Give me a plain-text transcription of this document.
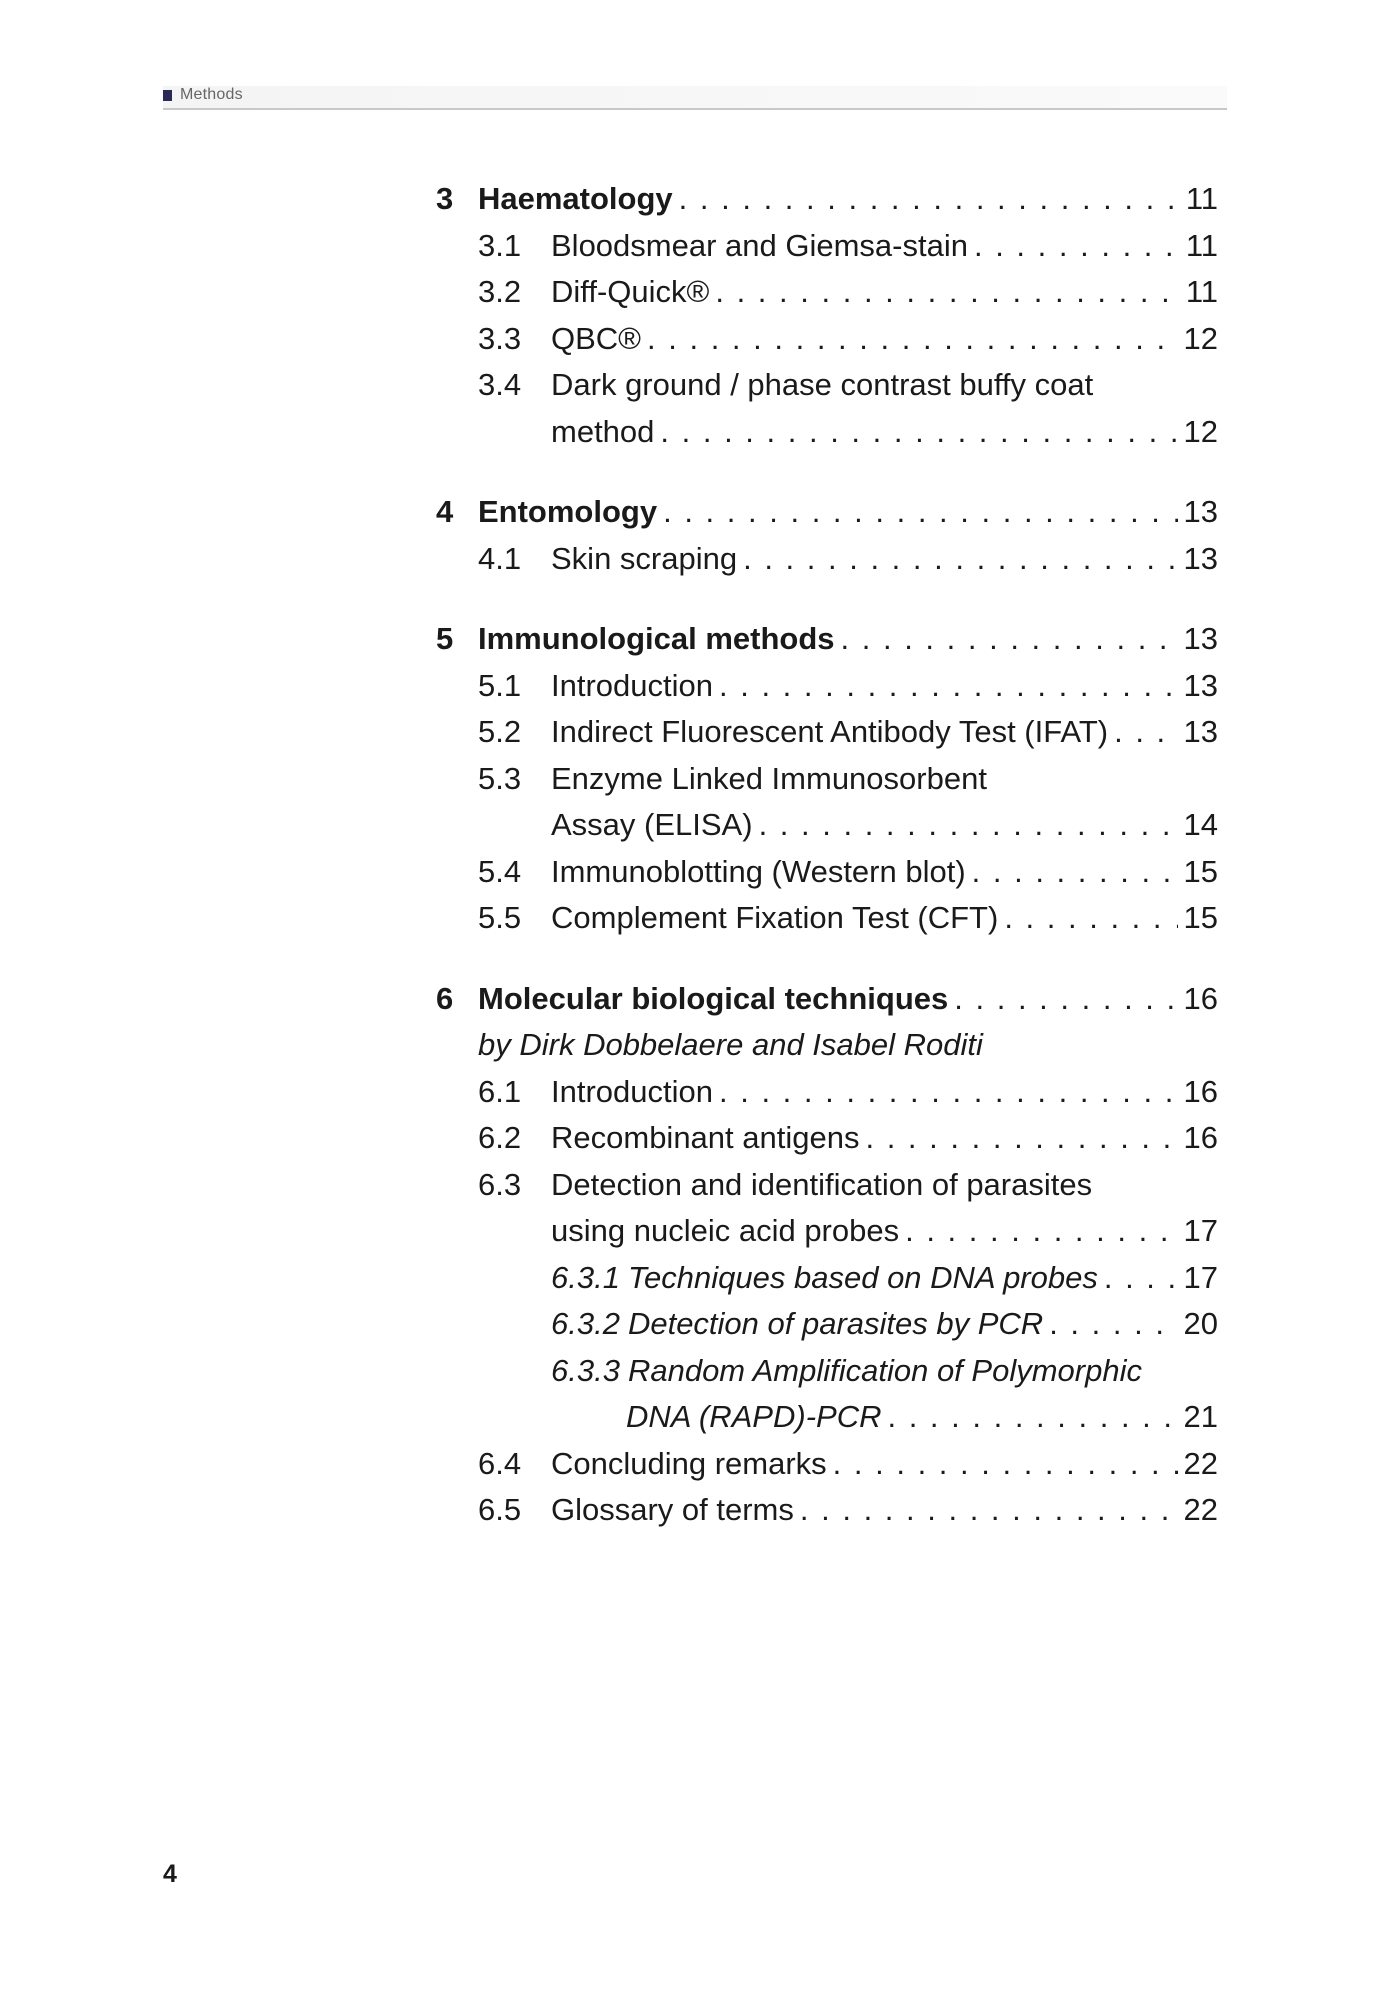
Methods
3 Haematology . . .	11
3.1 Bloodsmear and Giemsa-stain . . .	11
3.2 Diff-Quick® . . .	11
3.3 QBC® . . .	12
3.4 Dark ground / phase contrast buffy coat
method . . .	12
4 Entomology . . .	13
4.1 Skin scraping . . .	13
5 Immunological methods . . .	13
5.1 Introduction . . .	13
5.2 Indirect Fluorescent Antibody Test (IFAT) . . . 13
5.3 Enzyme Linked Immunosorbent
Assay (ELISA) . . .	14
5.4 Immunoblotting (Western blot) . . .	15
5.5 Complement Fixation Test (CFT) . . .	15
6 Molecular biological techniques . . .	16
by Dirk Dobbelaere and Isabel Roditi
6.1 Introduction . . .	16
6.2 Recombinant antigens . . .	16
6.3 Detection and identification of parasites
using nucleic acid probes . . .	17
6.3.1 Techniques based on DNA probes . . .	17
6.3.2 Detection of parasites by PCR . . .	20
6.3.3 Random Amplification of Polymorphic
DNA (RAPD)-PCR . . .	21
6.4 Concluding remarks . . .	22
6.5 Glossary of terms . . .	22
4
